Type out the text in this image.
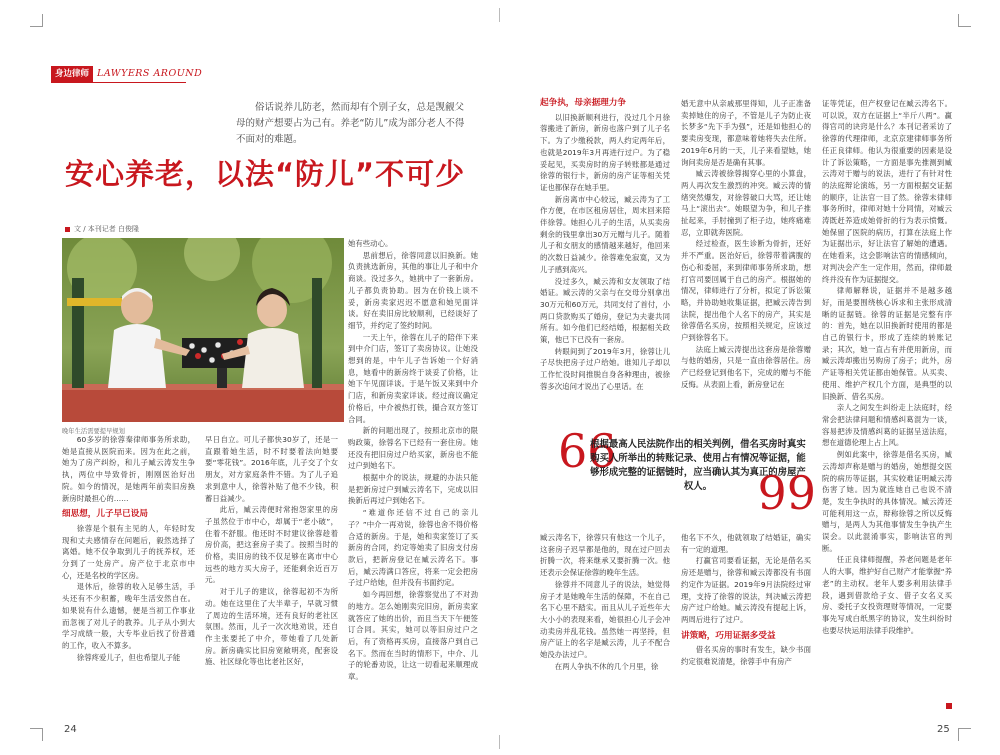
身边律师 LAWYERS AROUND
俗话说养儿防老，然而却有个别子女，总是觊觎父母的财产想要占为己有。养老“防儿”成为部分老人不得不面对的难题。
安心养老，以法“防儿”不可少
文 / 本刊记者 白俊隆
晚年生活需要提早规划

60多岁的徐蓉秦律师事务所求助，她是直接从医院而来。因为在此之前，她为了房产纠纷，和儿子臧云涛发生争执，两位中导致骨折，刚刚医治好出院。如今的情况，是她两年前卖旧房换新房时最担心的……

细思想，儿子早已设局

徐蓉是个很有主见的人，年轻时发现和丈夫感情存在问题后，毅然选择了离婚。她不仅争取到儿子的抚养权，还分到了一处房产。房产位于北京市中心，还是名校的学区房。

退休后，徐蓉的收入足够生活，手头还有不少积蓄，晚年生活安然自在。如果说有什么遗憾，便是当初工作事业而忽视了对儿子的教养。儿子从小到大学习成绩一般，大专毕业后找了份普通的工作，收入不算多。

徐蓉疼爱儿子，但也希望儿子能

早日自立。可儿子都快30岁了，还是一直跟着她生活，时不时要着法向她要要“零花钱”。2016年底，儿子交了个女朋友，对方家庭条件不错。为了儿子追求到意中人，徐蓉补贴了他不少钱，积蓄日益减少。

此后，臧云涛便时常抱怨家里的房子虽然位于市中心，却属于“老小破”，住着不舒服。他还时不时建议徐蓉趁着房价高，把这套房子卖了。按照当时的价格，卖旧房的钱不仅足够在离市中心远些的地方买大房子，还能剩余近百万元。

对于儿子的建议，徐蓉起初不为所动。她在这里住了大半辈子，早就习惯了周边的生活环境，还有良好的老社区氛围。然而，儿子一次次地劝说，还自作主张要托了中介，带她看了几处新房。新房确实比旧房宽敞明亮，配套设施、社区绿化等也比老社区好，

她有些动心。

思前想后，徐蓉同意以旧换新。她负责挑选新房，其他的事让儿子和中介商谈。没过多久，她挑中了一套新房。儿子都负责协助。因为在价钱上谈不妥，新房卖家迟迟不愿意和她见面详谈。好在卖旧房比较顺利，已经谈好了细节，并约定了签约时间。

一天上午，徐蓉在儿子的陪伴下来到中介门店，签订了卖房协议。让她没想到的是，中午儿子告诉她一个好消息，她看中的新房终于谈妥了价格，让她下午见面详谈。于是午饭又来到中介门店，和新房卖家详谈。经过商议确定价格后，中介被热打铁，撮合双方签订合同。

新的问题出现了，按照北京市的限购政策，徐蓉名下已经有一套住房。她还没有把旧房过户给买家，新房也不能过户到她名下。

根据中介的说法，规避的办法只能是把新房过户到臧云涛名下，完成以旧换新后再过户到她名下。

“难道你还信不过自己的亲儿子？”中介一再劝说，徐蓉也舍不得价格合适的新房。于是，她和卖家签订了买新房的合同，约定等她卖了旧房支付房款后，把新房登记在臧云涛名下。事后，臧云涛满口答应，将来一定会把房子过户给她，但并没有书面约定。

如今再回想，徐蓉察觉出了不对劲的地方。怎么她刚卖完旧房，新房卖家就答应了她的出价，而且当天下午便签订合同。其实，她可以等旧房过户之后，有了资格再买房，直接落户到自己名下。然而在当时的情形下，中介、儿子的轮番劝说，让这一切看起来顺理成章。

起争执，母亲据理力争

以旧换新顺利进行，没过几个月徐蓉搬进了新房，新房也落户到了儿子名下。为了少缴税款，两人约定两年后，也就是2019年3月再进行过户。为了稳妥起见，买卖房时的房子转账都是通过徐蓉的银行卡，新房的房产证等相关凭证也都保存在她手里。

新房离市中心较远，臧云涛为了工作方便，在市区租房居住，周末回来陪伴徐蓉。她担心儿子的生活，从买卖房剩余的钱里拿出30万元赠与儿子。随着儿子和女朋友的感情越来越好，他回来的次数日益减少。徐蓉难免寂寞，又为儿子感到高兴。

没过多久，臧云涛和女友领取了结婚证。臧云涛的父亲与在交母分别拿出30万元和60万元，共同支付了首付，小两口贷款购买了婚房，登记为夫妻共同所有。如今他们已经结婚，根据相关政策，他已下已没有一套房。

转眼间到了2019年3月，徐蓉让儿子尽快把房子过户给她。谁知儿子却以工作忙没时间推脱自身各种理由，被徐蓉多次追问才说出了心里话。在

婚无意中从亲戚那里得知，儿子正准备卖掉她住的房子，不管是儿子为防止夜长梦多“先下手为强”，还是如他担心的要卖房变现，都意味着她将失去住所。2019年6月的一天，儿子来看望她，她询问卖房是否是确有其事。

臧云涛被徐蓉揭穿心里的小算盘，两人再次发生激烈的冲突。臧云涛的情绪突然爆发，对徐蓉破口大骂，还让她马上“滚出去”。她眼望为争，和儿子推扯起来，手肘撞到了柜子边，她疼痛难忍，立即就奔医院。

经过检查，医生诊断为骨折，还好并不严重。医治好后，徐蓉带着满腹的伤心和委屈，来到律师事务所求助，想打官司要回属于自己的房产。根据她的情况，律师进行了分析，拟定了诉讼策略，并协助她收集证据，把臧云涛告到法院，提出他个人名下的房产，其实是徐蓉借名买房，按照相关规定，应该过户到徐蓉名下。

法庭上臧云涛提出这套房是徐蓉赠与他的婚房，只是一直由徐蓉居住。房产已经登记到他名下，完成的赠与不能反悔。从表面上看，新房登记在

66
根据最高人民法院作出的相关判例，借名买房时真实购买人所举出的转账记录、使用占有情况等证据，能够形成完整的证据链时，应当确认其为真正的房屋产权人。 99

臧云涛名下，徐蓉只有他这一个儿子，这套房子迟早都是他的，现在过户回去折腾一次，将来继承又要折腾一次。他还表示会保证徐蓉的晚年生活。

徐蓉并不同意儿子的说法，她觉得房子才是她晚年生活的保障，不在自己名下心里不踏实。而且从儿子近些年大大小小的表现来看，她很担心儿子会冲动卖房并乱花钱。虽然她一再坚持，但房产证上的名字是臧云涛，儿子不配合她没办法过户。

在两人争执不休的几个月里，徐

他名下不久，他就领取了结婚证，确实有一定的道理。

打赢官司要看证据，无论是借名买房还是赠与，徐蓉和臧云涛都没有书面约定作为证据。2019年9月法院经过审理，支持了徐蓉的说法，判决臧云涛把房产过户给她。臧云涛没有提起上诉，两周后进行了过户。

讲策略，巧用证据多受益

借名买房的事时有发生，缺少书面约定很难说清楚，徐蓉手中有房产

证等凭证，但产权登记在臧云涛名下。可以说，双方在证据上“半斤八两”。赢得官司的诀窍是什么？本刊记者采访了徐蓉的代理律师，北京京建律师事务所任正良律师。他认为很重要的因素是设计了诉讼策略，一方面是事先推测到臧云涛对于赠与的说法，进行了有针对性的法庭辩论演练，另一方面根据交证据的顺序，让法官一目了然。徐蓉未律师事务所时，律师对她十分同情，对臧云涛既赶养造成她骨折的行为表示愤慨。她保留了医院的病历，打算在法庭上作为证据出示，好让法官了解她的遭遇。在她看来，这会影响法官的情感倾向，对判决会产生一定作用，然而，律师最终并没有作为证据提交。

律师解释说，证据并不是越多越好，而是要围绕核心诉求和主张形成清晰的证据链。徐蓉的证据是完整有序的：首先，她在以旧换新时使用的都是自己的银行卡，形成了连续的转账记录；其次，她一直占有并使用新房，而臧云涛却搬出另购房了房子；此外，房产证等相关凭证都由她保管。从买卖、使用、维护产权几个方面，是典型的以旧换新、借名买房。

亲人之间发生纠纷走上法庭时，经常会把法律问题和情感纠葛混为一谈，容易把涉及情感纠葛的证据呈送法庭，想在道德伦理上占上风。

例如此案中，徐蓉是借名买房，臧云涛却声称是赠与的婚房，她想提交医院的病历等证据，其实较难证明臧云涛伤害了她。因为就连她自己也说不清楚，发生争执时的具体情况。臧云涛还可能利用这一点，辩称徐蓉之所以反悔赠与，是两人为其他事情发生争执产生误会。以此混淆事实，影响法官的判断。

任正良律师提醒，养老问题是老年人的大事，维护好自己财产才能掌握“养老”的主动权。老年人要多利用法律手段，遇到借款给子女、借子女名义买房、委托子女投资理财等情况，一定要事先写成白纸黑字的协议，发生纠纷时也要尽快运用法律手段维护。

24	25
